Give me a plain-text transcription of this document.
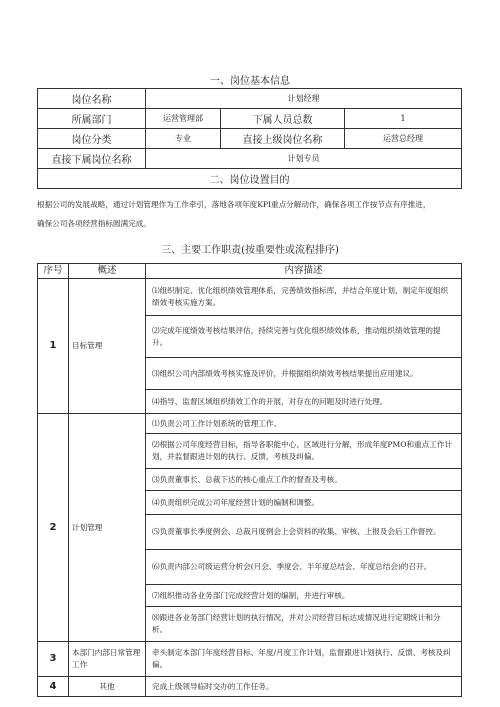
一、岗位基本信息
岗位名称	计划经理		
所属部门	运营管理部	下属人员总数	1
岗位分类	专业	直接上级岗位名称	运营总经理
直接下属岗位名称	计划专员		
二、岗位设置目的			
根据公司的发展战略，通过计划管理作为工作牵引，落地各项年度KPI重点分解动作，确保各项工作按节点有序推进，
确保公司各项经营指标圆满完成。
三、主要工作职责(按重要性或流程排序)
序号	概述	内容描述
1	目标管理	⑴组织制定、优化组织绩效管理体系，完善绩效指标库，并结合年度计划，制定年度组织绩效考核实施方案。
		⑵完成年度绩效考核结果评估，持续完善与优化组织绩效体系，推动组织绩效管理的提升。
		⑶组织公司内部绩效考核实施及评价，并根据组织绩效考核结果提出应用建议。
		⑷指导、监督区域组织绩效工作的开展，对存在的问题及时进行处理。
2	计划管理	⑴负责公司工作计划系统的管理工作。
		⑵根据公司年度经营目标，指导各职能中心、区域进行分解，形成年度PMO和重点工作计划，并监督跟进计划的执行、反馈、考核及纠偏。
		⑶负责董事长、总裁下达的核心重点工作的督查及考核。
		⑷负责组织完成公司年度经营计划的编制和调整。
		⑸负责董事长季度例会、总裁月度例会上会资料的收集、审核、上报及会后工作督控。
		⑹负责内部公司级运营分析会(月会、季度会、半年度总结会、年度总结会)的召开。
		⑺组织推动各业务部门完成经营计划的编制，并进行审核。
		⑻跟进各业务部门经营计划的执行情况，并对公司经营目标达成情况进行定期统计和分析。
3	本部门内部日常管理工作	牵头制定本部门年度经营目标、年度/月度工作计划，监督跟进计划执行、反馈、考核及纠偏。
4	其他	完成上级领导临时交办的工作任务。
